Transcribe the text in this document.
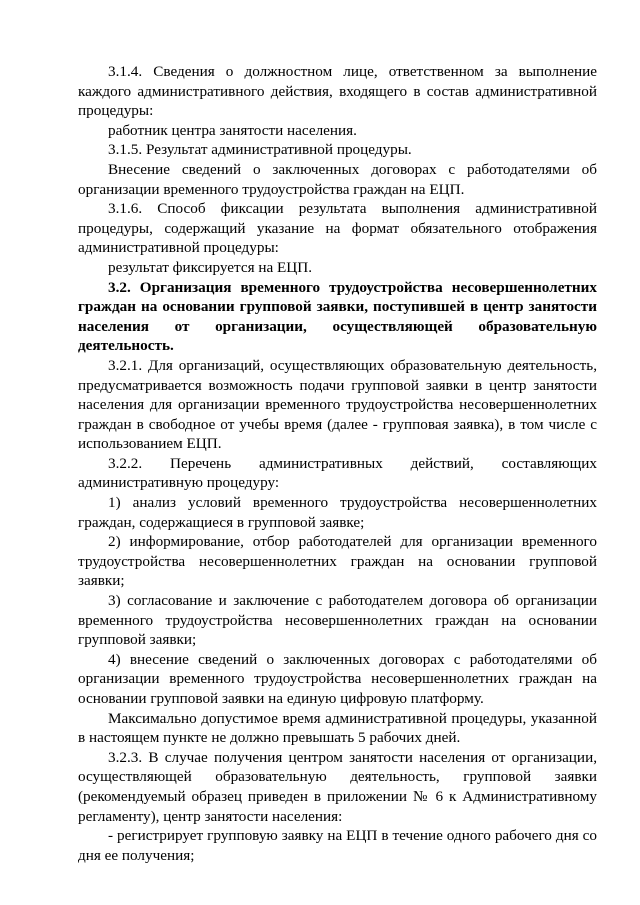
3.1.4. Сведения о должностном лице, ответственном за выполнение каждого административного действия, входящего в состав административной процедуры:

работник центра занятости населения.

3.1.5. Результат административной процедуры.

Внесение сведений о заключенных договорах с работодателями об организации временного трудоустройства граждан на ЕЦП.

3.1.6. Способ фиксации результата выполнения административной процедуры, содержащий указание на формат обязательного отображения административной процедуры:

результат фиксируется на ЕЦП.

3.2. Организация временного трудоустройства несовершеннолетних граждан на основании групповой заявки, поступившей в центр занятости населения от организации, осуществляющей образовательную деятельность.

3.2.1. Для организаций, осуществляющих образовательную деятельность, предусматривается возможность подачи групповой заявки в центр занятости населения для организации временного трудоустройства несовершеннолетних граждан в свободное от учебы время (далее - групповая заявка), в том числе с использованием ЕЦП.

3.2.2. Перечень административных действий, составляющих административную процедуру:

1) анализ условий временного трудоустройства несовершеннолетних граждан, содержащиеся в групповой заявке;

2) информирование, отбор работодателей для организации временного трудоустройства несовершеннолетних граждан на основании групповой заявки;

3) согласование и заключение с работодателем договора об организации временного трудоустройства несовершеннолетних граждан на основании групповой заявки;

4) внесение сведений о заключенных договорах с работодателями об организации временного трудоустройства несовершеннолетних граждан на основании групповой заявки на единую цифровую платформу.

Максимально допустимое время административной процедуры, указанной в настоящем пункте не должно превышать 5 рабочих дней.

3.2.3. В случае получения центром занятости населения от организации, осуществляющей образовательную деятельность, групповой заявки (рекомендуемый образец приведен в приложении № 6 к Административному регламенту), центр занятости населения:

- регистрирует групповую заявку на ЕЦП в течение одного рабочего дня со дня ее получения;
